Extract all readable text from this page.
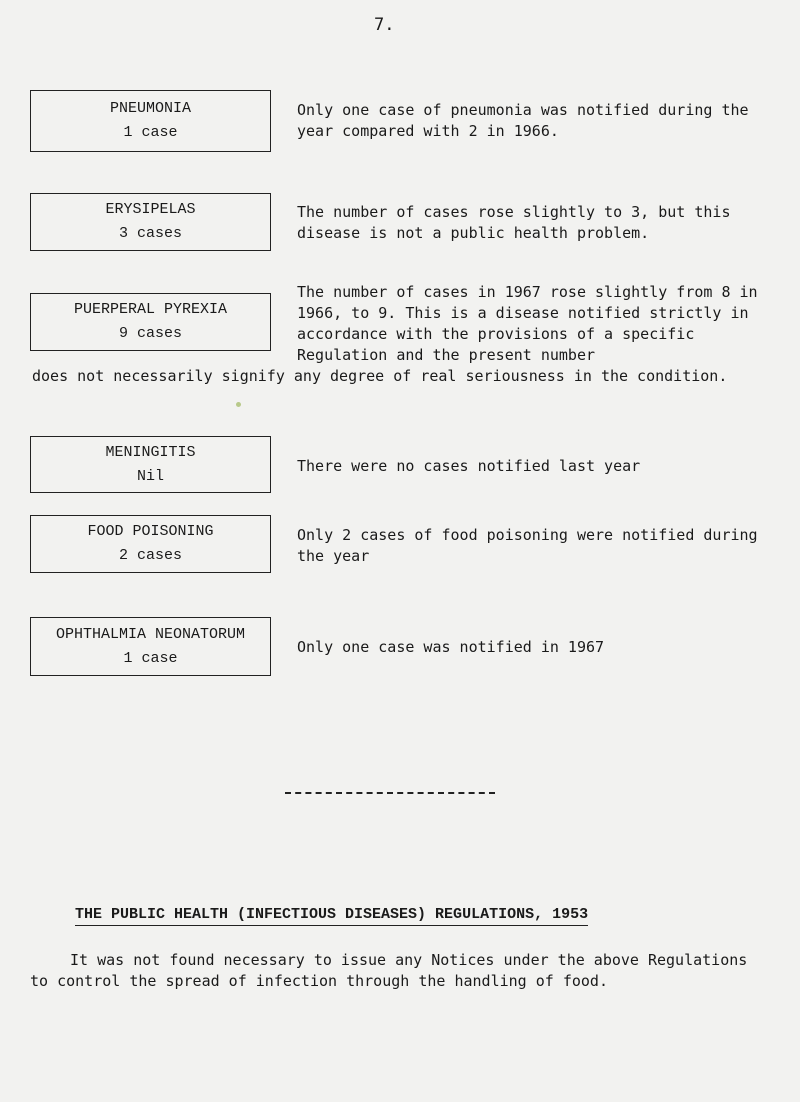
7.
PNEUMONIA
1 case

Only one case of pneumonia was notified during the year compared with 2 in 1966.

ERYSIPELAS
3 cases

The number of cases rose slightly to 3, but this disease is not a public health problem.

PUERPERAL PYREXIA
9 cases

The number of cases in 1967 rose slightly from 8 in 1966, to 9. This is a disease notified strictly in accordance with the provisions of a specific Regulation and the present number

does not necessarily signify any degree of real seriousness in the condition.

MENINGITIS
Nil

There were no cases notified last year

FOOD POISONING
2 cases

Only 2 cases of food poisoning were notified during the year

OPHTHALMIA NEONATORUM
1 case

Only one case was notified in 1967

THE PUBLIC HEALTH (INFECTIOUS DISEASES) REGULATIONS, 1953

It was not found necessary to issue any Notices under the above Regulations to control the spread of infection through the handling of food.
